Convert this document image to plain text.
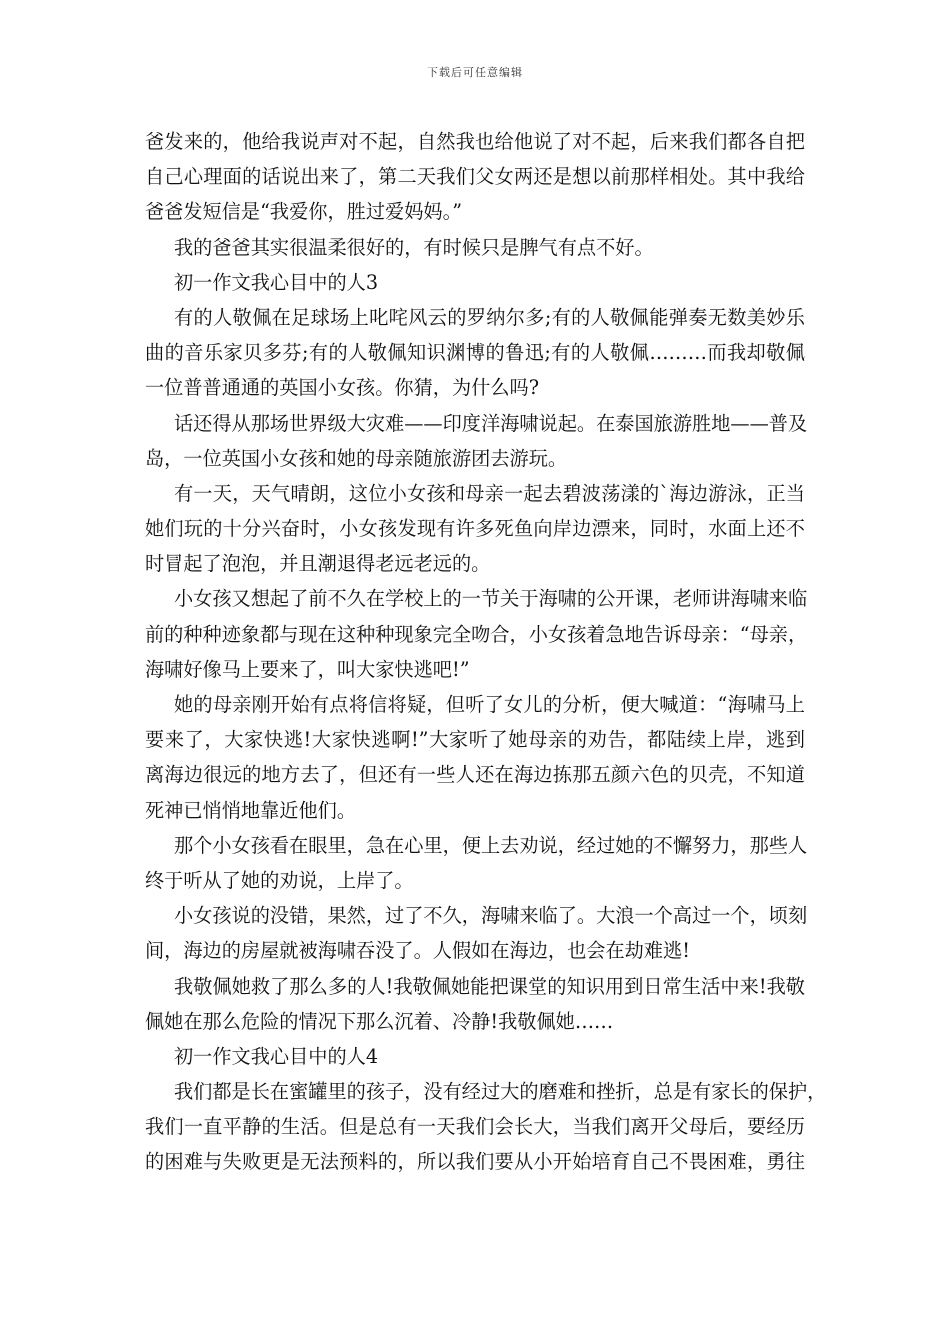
下载后可任意编辑
爸发来的，他给我说声对不起，自然我也给他说了对不起，后来我们都各自把
自己心理面的话说出来了，第二天我们父女两还是想以前那样相处。其中我给
爸爸发短信是“我爱你，胜过爱妈妈。”
我的爸爸其实很温柔很好的，有时候只是脾气有点不好。
初一作文我心目中的人3
有的人敬佩在足球场上叱咤风云的罗纳尔多;有的人敬佩能弹奏无数美妙乐
曲的音乐家贝多芬;有的人敬佩知识渊博的鲁迅;有的人敬佩………而我却敬佩
一位普普通通的英国小女孩。你猜，为什么吗?
话还得从那场世界级大灾难——印度洋海啸说起。在泰国旅游胜地——普及
岛，一位英国小女孩和她的母亲随旅游团去游玩。
有一天，天气晴朗，这位小女孩和母亲一起去碧波荡漾的`海边游泳，正当
她们玩的十分兴奋时，小女孩发现有许多死鱼向岸边漂来，同时，水面上还不
时冒起了泡泡，并且潮退得老远老远的。
小女孩又想起了前不久在学校上的一节关于海啸的公开课，老师讲海啸来临
前的种种迹象都与现在这种种现象完全吻合，小女孩着急地告诉母亲：“母亲，
海啸好像马上要来了，叫大家快逃吧!”
她的母亲刚开始有点将信将疑，但听了女儿的分析，便大喊道：“海啸马上
要来了，大家快逃!大家快逃啊!”大家听了她母亲的劝告，都陆续上岸，逃到
离海边很远的地方去了，但还有一些人还在海边拣那五颜六色的贝壳，不知道
死神已悄悄地靠近他们。
那个小女孩看在眼里，急在心里，便上去劝说，经过她的不懈努力，那些人
终于听从了她的劝说，上岸了。
小女孩说的没错，果然，过了不久，海啸来临了。大浪一个高过一个，顷刻
间，海边的房屋就被海啸吞没了。人假如在海边，也会在劫难逃!
我敬佩她救了那么多的人!我敬佩她能把课堂的知识用到日常生活中来!我敬
佩她在那么危险的情况下那么沉着、冷静!我敬佩她……
初一作文我心目中的人4
我们都是长在蜜罐里的孩子，没有经过大的磨难和挫折，总是有家长的保护，
我们一直平静的生活。但是总有一天我们会长大，当我们离开父母后，要经历
的困难与失败更是无法预料的，所以我们要从小开始培育自己不畏困难，勇往
